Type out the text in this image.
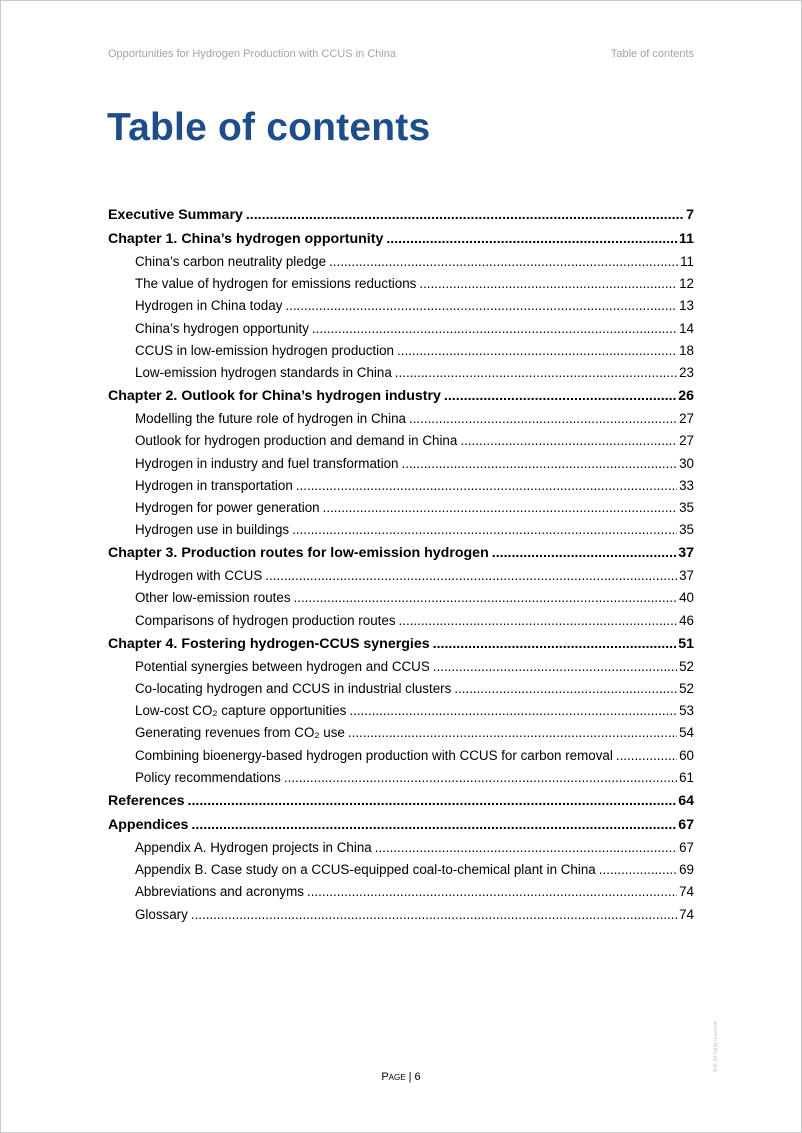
Opportunities for Hydrogen Production with CCUS in China	Table of contents
Table of contents
Executive Summary .....	7
Chapter 1. China’s hydrogen opportunity .....	11
China’s carbon neutrality pledge .....	11
The value of hydrogen for emissions reductions .....	12
Hydrogen in China today .....	13
China’s hydrogen opportunity .....	14
CCUS in low-emission hydrogen production .....	18
Low-emission hydrogen standards in China .....	23
Chapter 2. Outlook for China’s hydrogen industry .....	26
Modelling the future role of hydrogen in China .....	27
Outlook for hydrogen production and demand in China .....	27
Hydrogen in industry and fuel transformation .....	30
Hydrogen in transportation .....	33
Hydrogen for power generation .....	35
Hydrogen use in buildings .....	35
Chapter 3. Production routes for low-emission hydrogen .....	37
Hydrogen with CCUS .....	37
Other low-emission routes .....	40
Comparisons of hydrogen production routes .....	46
Chapter 4. Fostering hydrogen-CCUS synergies .....	51
Potential synergies between hydrogen and CCUS .....	52
Co-locating hydrogen and CCUS in industrial clusters .....	52
Low-cost CO₂ capture opportunities .....	53
Generating revenues from CO₂ use .....	54
Combining bioenergy-based hydrogen production with CCUS for carbon removal .....	60
Policy recommendations .....	61
References .....	64
Appendices .....	67
Appendix A. Hydrogen projects in China .....	67
Appendix B. Case study on a CCUS-equipped coal-to-chemical plant in China .....	69
Abbreviations and acronyms .....	74
Glossary .....	74
Page | 6
IEA. All rights reserved.
